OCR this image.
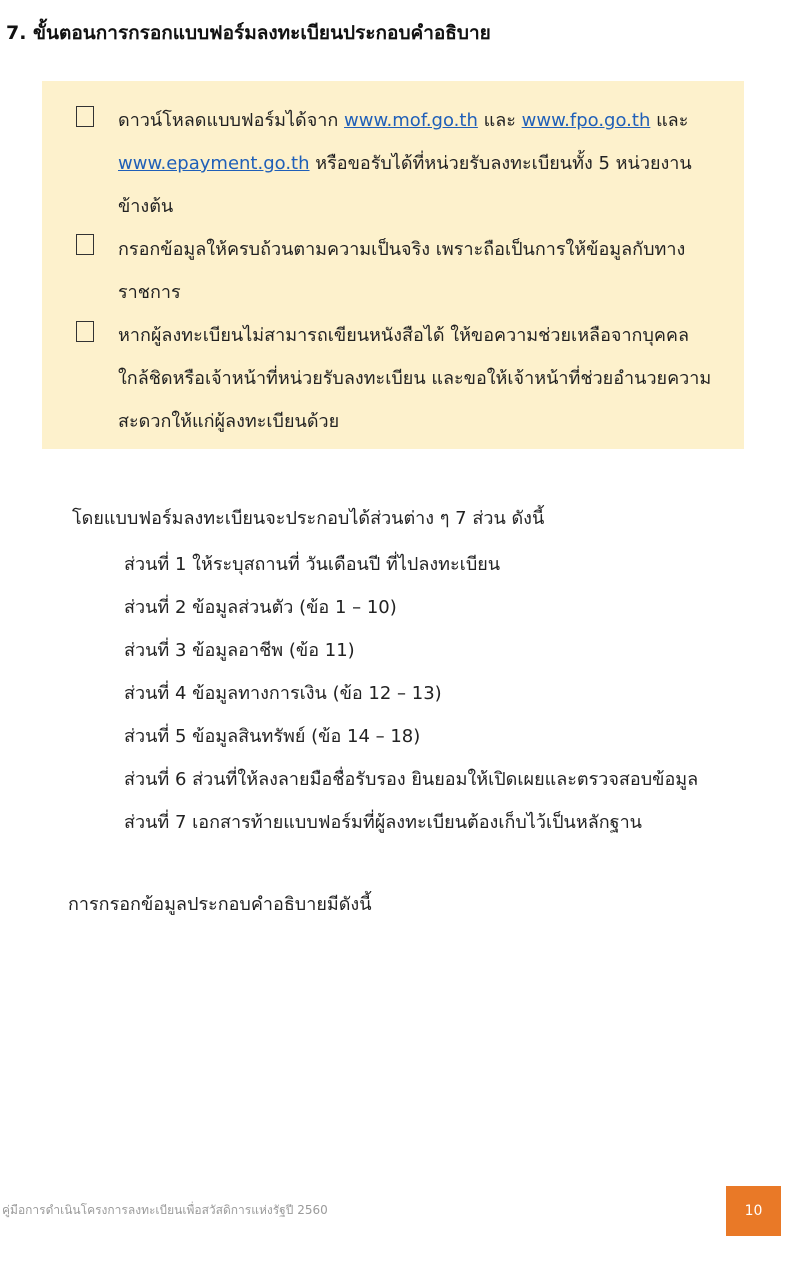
7. ขั้นตอนการกรอกแบบฟอร์มลงทะเบียนประกอบคำอธิบาย
ดาวน์โหลดแบบฟอร์มได้จาก www.mof.go.th และ www.fpo.go.th และ www.epayment.go.th หรือขอรับได้ที่หน่วยรับลงทะเบียนทั้ง 5 หน่วยงานข้างต้น
กรอกข้อมูลให้ครบถ้วนตามความเป็นจริง เพราะถือเป็นการให้ข้อมูลกับทางราชการ
หากผู้ลงทะเบียนไม่สามารถเขียนหนังสือได้ ให้ขอความช่วยเหลือจากบุคคลใกล้ชิดหรือเจ้าหน้าที่หน่วยรับลงทะเบียน และขอให้เจ้าหน้าที่ช่วยอำนวยความสะดวกให้แก่ผู้ลงทะเบียนด้วย
โดยแบบฟอร์มลงทะเบียนจะประกอบได้ส่วนต่าง ๆ 7 ส่วน ดังนี้
ส่วนที่ 1 ให้ระบุสถานที่ วันเดือนปี ที่ไปลงทะเบียน
ส่วนที่ 2 ข้อมูลส่วนตัว (ข้อ 1 – 10)
ส่วนที่ 3 ข้อมูลอาชีพ (ข้อ 11)
ส่วนที่ 4 ข้อมูลทางการเงิน (ข้อ 12 – 13)
ส่วนที่ 5 ข้อมูลสินทรัพย์ (ข้อ 14 – 18)
ส่วนที่ 6 ส่วนที่ให้ลงลายมือชื่อรับรอง ยินยอมให้เปิดเผยและตรวจสอบข้อมูล
ส่วนที่ 7 เอกสารท้ายแบบฟอร์มที่ผู้ลงทะเบียนต้องเก็บไว้เป็นหลักฐาน
การกรอกข้อมูลประกอบคำอธิบายมีดังนี้
คู่มือการดำเนินโครงการลงทะเบียนเพื่อสวัสดิการแห่งรัฐปี 2560	10
